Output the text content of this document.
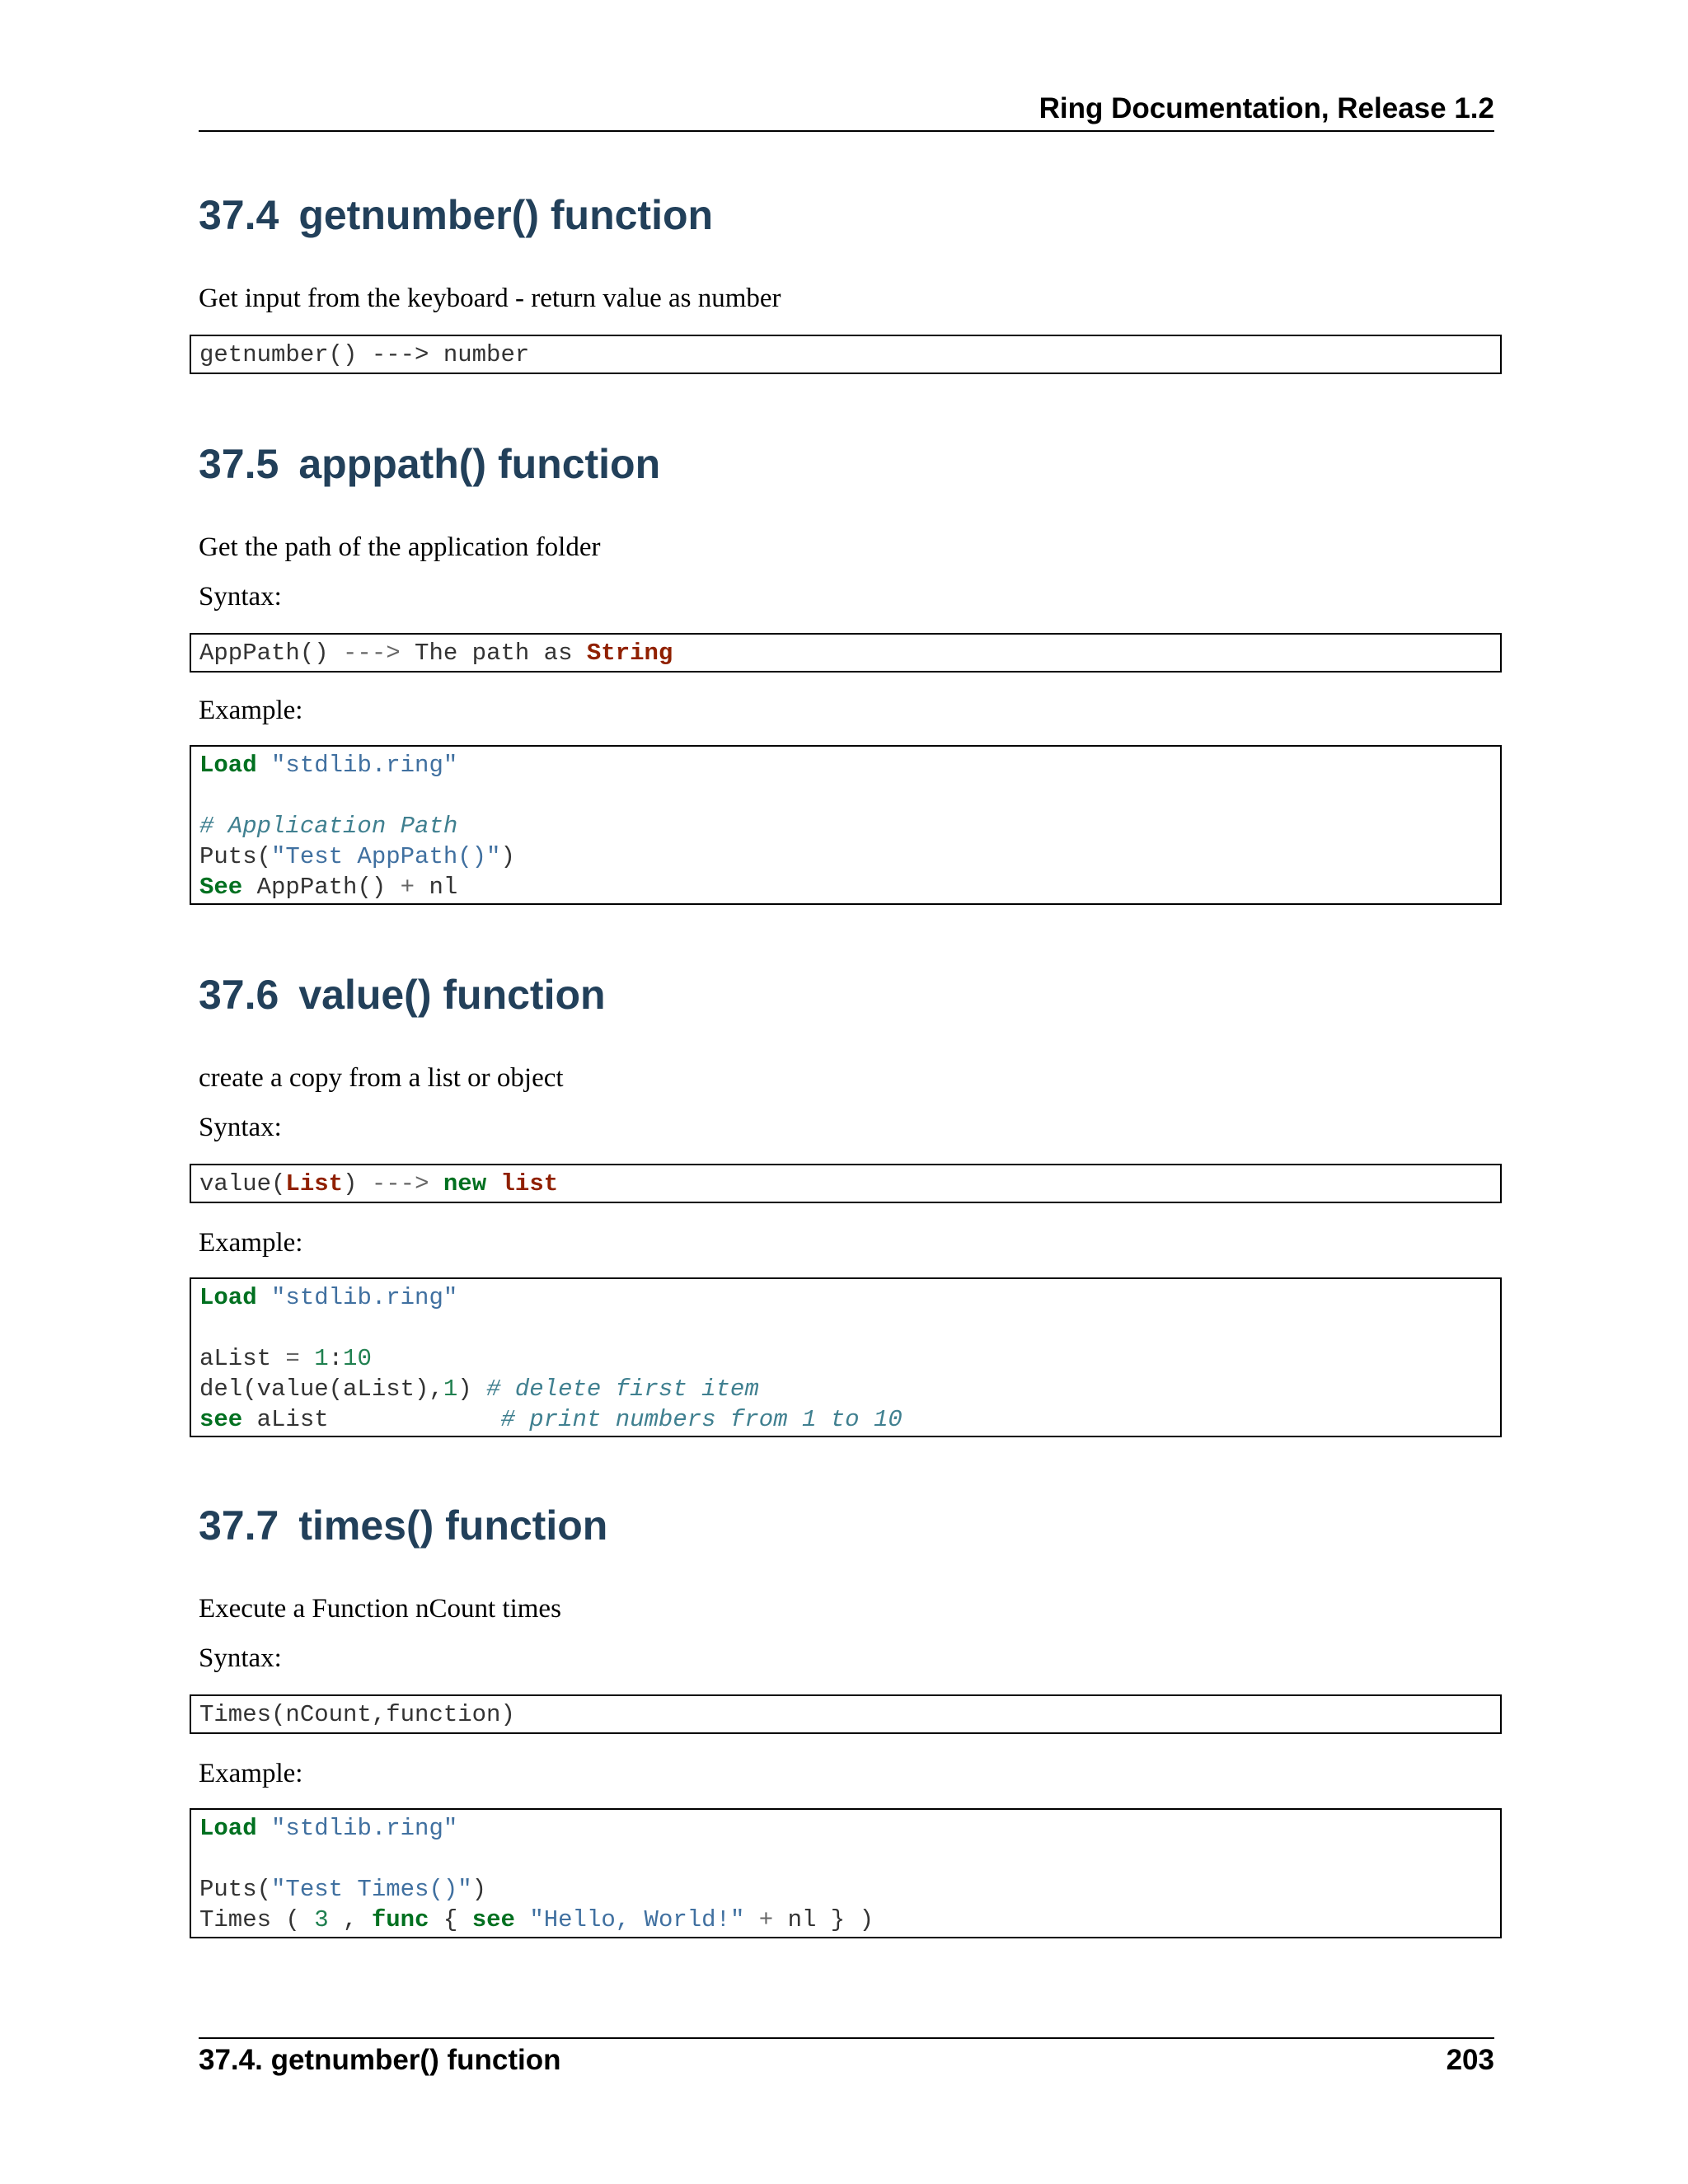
Ring Documentation, Release 1.2
37.4 getnumber() function

Get input from the keyboard - return value as number

getnumber() ---> number
37.5 apppath() function

Get the path of the application folder

Syntax:

AppPath() ---> The path as String

Example:

Load "stdlib.ring"
# Application Path
Puts("Test AppPath()")
See AppPath() + nl
37.6 value() function

create a copy from a list or object

Syntax:

value(List) ---> new list

Example:

Load "stdlib.ring"
aList = 1:10
del(value(aList),1) # delete first item
see aList            # print numbers from 1 to 10
37.7 times() function

Execute a Function nCount times

Syntax:

Times(nCount,function)

Example:

Load "stdlib.ring"
Puts("Test Times()")
Times ( 3 , func { see "Hello, World!" + nl } )
37.4. getnumber() function	203
